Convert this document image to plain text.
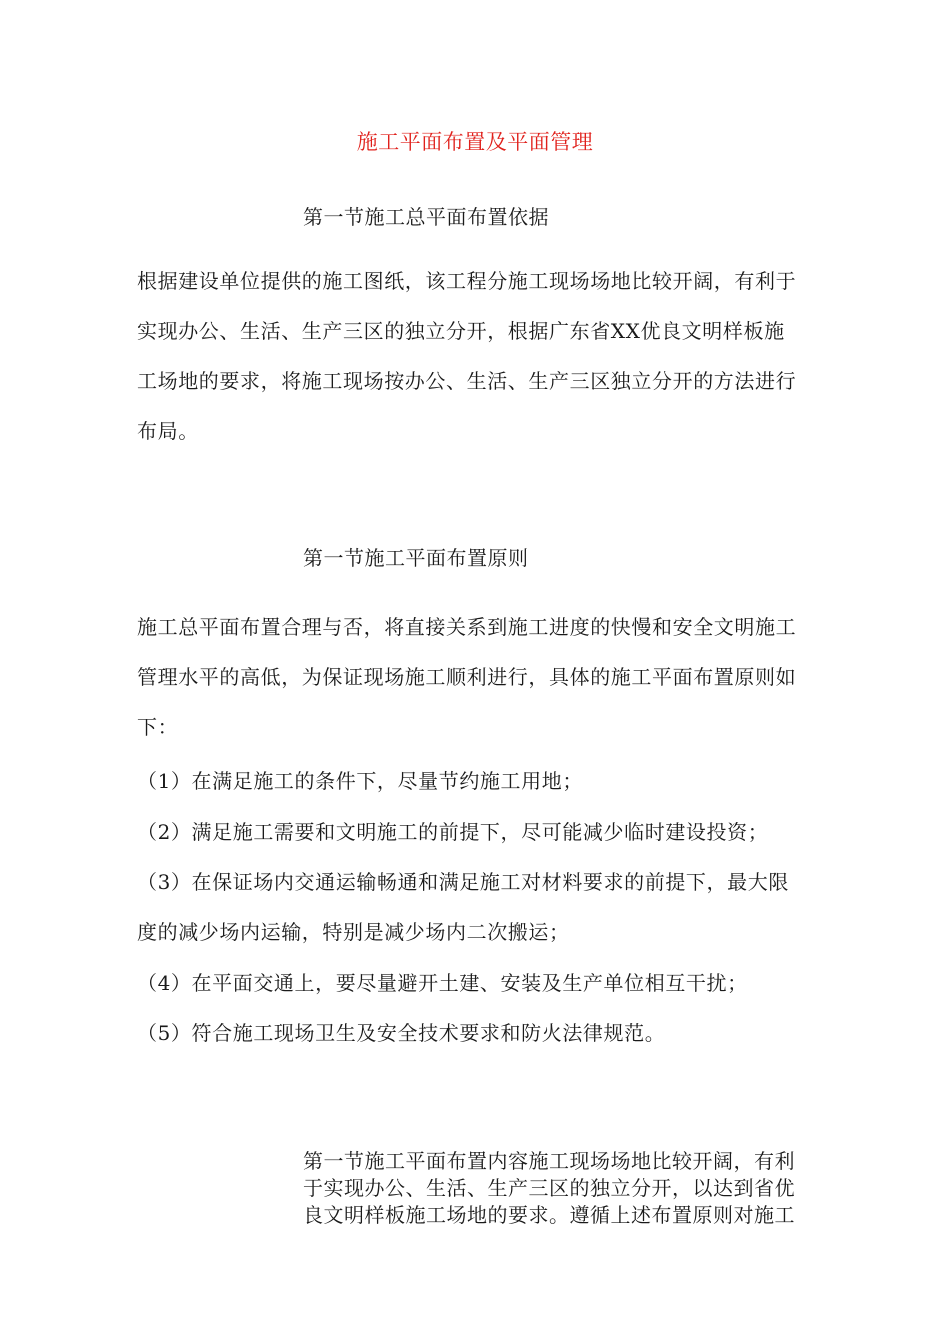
施工平面布置及平面管理
第一节施工总平面布置依据

根据建设单位提供的施工图纸，该工程分施工现场场地比较开阔，有利于
实现办公、生活、生产三区的独立分开，根据广东省XX优良文明样板施
工场地的要求，将施工现场按办公、生活、生产三区独立分开的方法进行
布局。

第一节施工平面布置原则

施工总平面布置合理与否，将直接关系到施工进度的快慢和安全文明施工
管理水平的高低，为保证现场施工顺利进行，具体的施工平面布置原则如
下：

（1）在满足施工的条件下，尽量节约施工用地；
（2）满足施工需要和文明施工的前提下，尽可能减少临时建设投资；
（3）在保证场内交通运输畅通和满足施工对材料要求的前提下，最大限
度的减少场内运输，特别是减少场内二次搬运；
（4）在平面交通上，要尽量避开土建、安装及生产单位相互干扰；
（5）符合施工现场卫生及安全技术要求和防火法律规范。

第一节施工平面布置内容施工现场场地比较开阔，有利
于实现办公、生活、生产三区的独立分开，以达到省优
良文明样板施工场地的要求。遵循上述布置原则对施工
